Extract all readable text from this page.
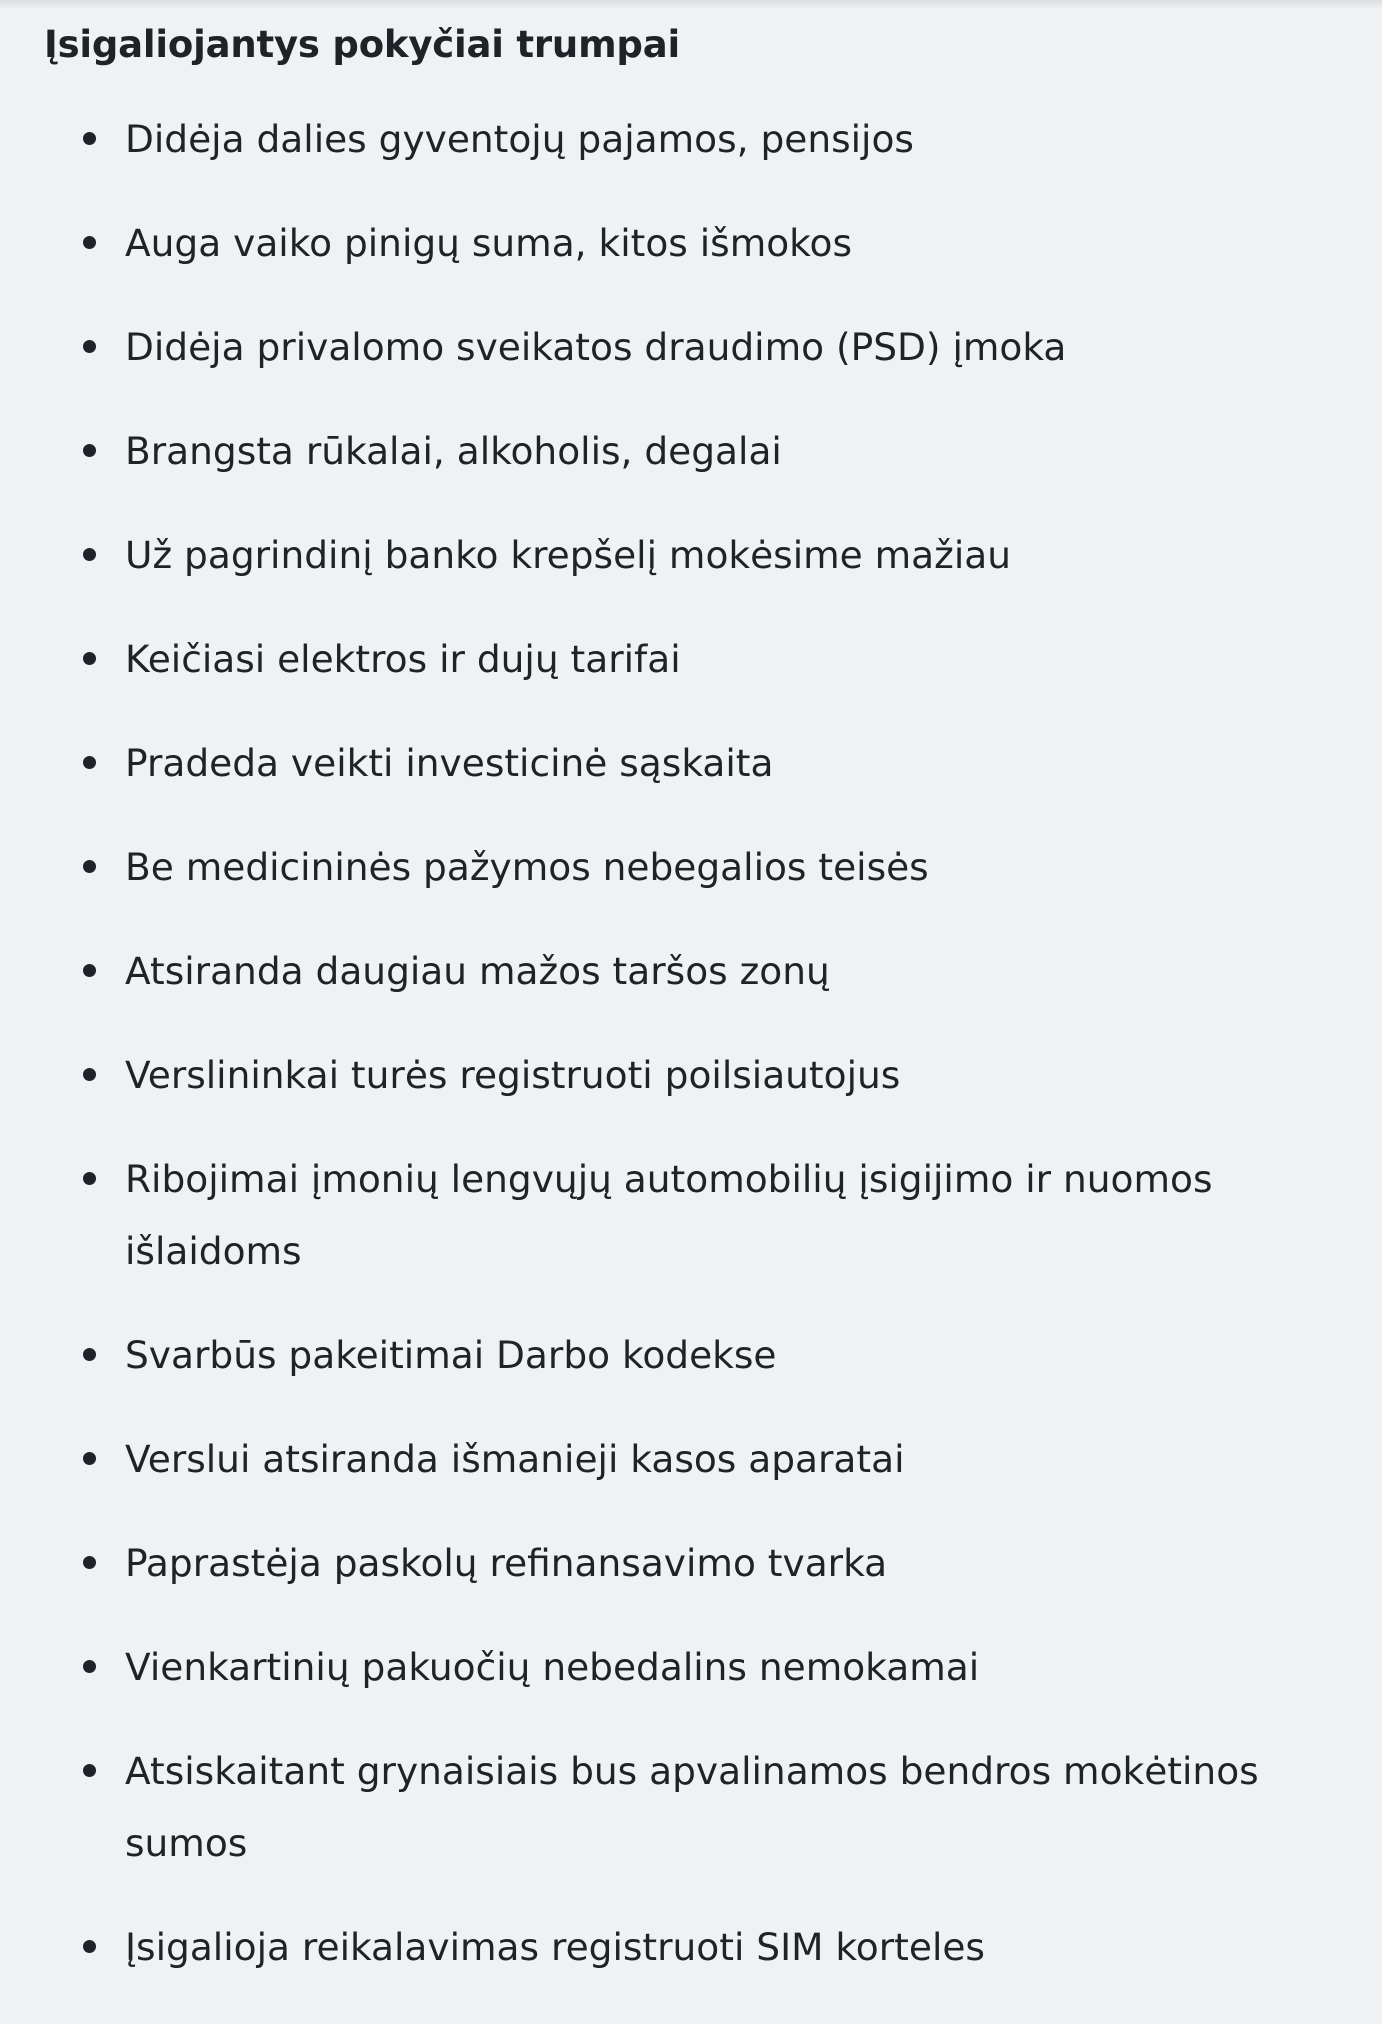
Įsigaliojantys pokyčiai trumpai
Didėja dalies gyventojų pajamos, pensijos
Auga vaiko pinigų suma, kitos išmokos
Didėja privalomo sveikatos draudimo (PSD) įmoka
Brangsta rūkalai, alkoholis, degalai
Už pagrindinį banko krepšelį mokėsime mažiau
Keičiasi elektros ir dujų tarifai
Pradeda veikti investicinė sąskaita
Be medicininės pažymos nebegalios teisės
Atsiranda daugiau mažos taršos zonų
Verslininkai turės registruoti poilsiautojus
Ribojimai įmonių lengvųjų automobilių įsigijimo ir nuomos išlaidoms
Svarbūs pakeitimai Darbo kodekse
Verslui atsiranda išmanieji kasos aparatai
Paprastėja paskolų refinansavimo tvarka
Vienkartinių pakuočių nebedalins nemokamai
Atsiskaitant grynaisiais bus apvalinamos bendros mokėtinos sumos
Įsigalioja reikalavimas registruoti SIM korteles
